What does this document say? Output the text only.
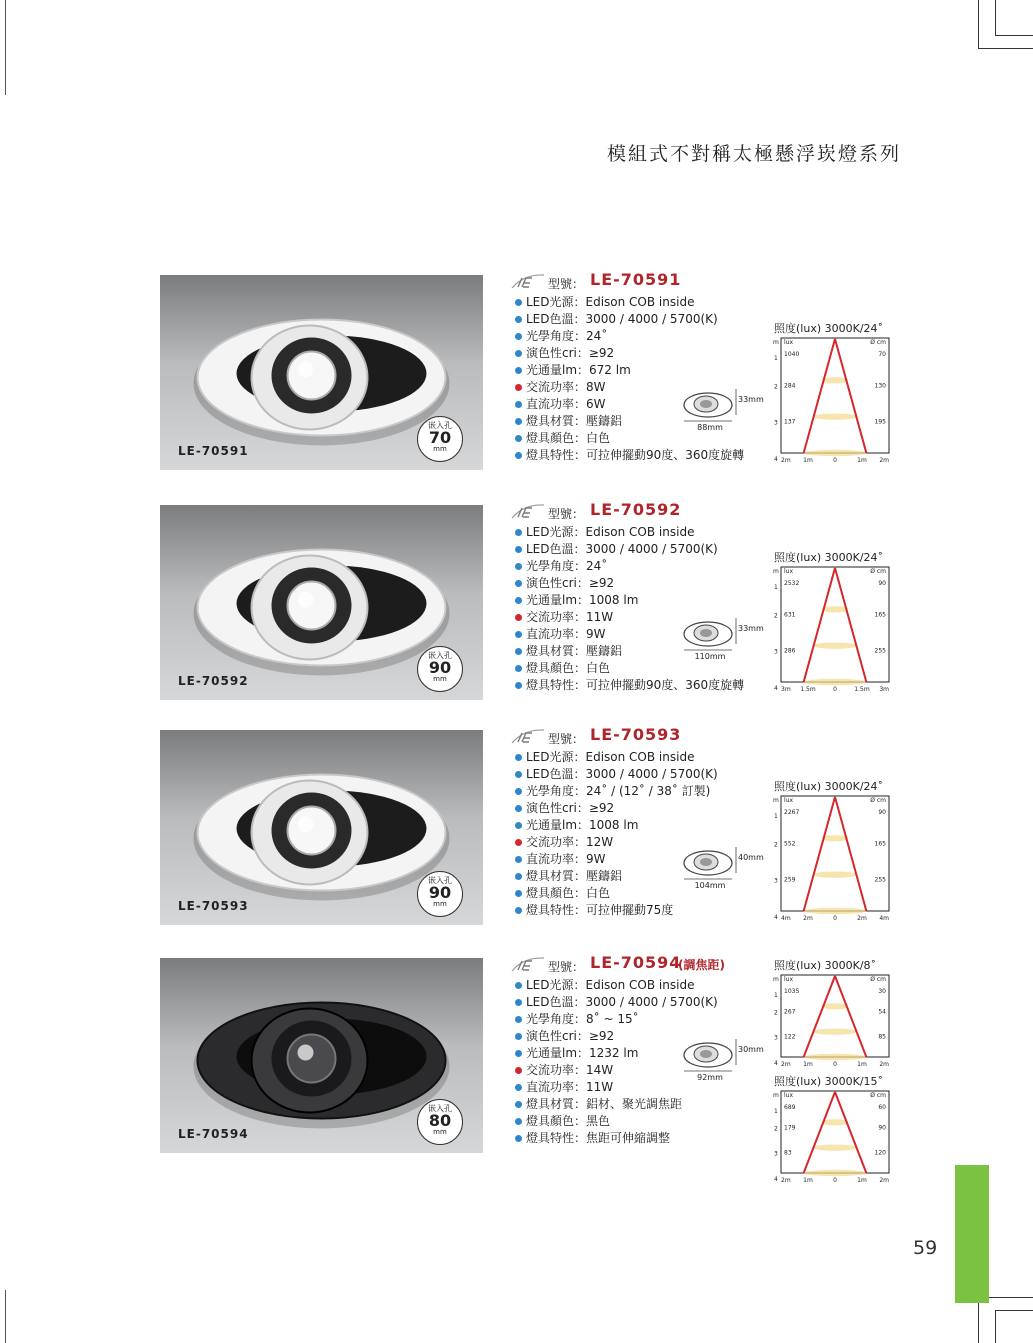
模組式不對稱太極懸浮崁燈系列
LE-70591
嵌入孔
70
mm
型號： LE-70591
LED光源：Edison COB inside
LED色溫：3000 / 4000 / 5700(K)
光學角度：24˚
演色性cri：≥92
光通量lm：672 lm
交流功率：8W
直流功率：6W
燈具材質：壓鑄鋁
燈具顏色：白色
燈具特性：可拉伸擺動90度、360度旋轉
88mm
33mm
照度(lux) 3000K/24˚
m lux	Ø cm
1
2
3
4
1040
284
137
70
130
195
2m 1m	0	1m 2m
LE-70592
嵌入孔
90
mm
型號： LE-70592
LED光源：Edison COB inside
LED色溫：3000 / 4000 / 5700(K)
光學角度：24˚
演色性cri：≥92
光通量lm：1008 lm
交流功率：11W
直流功率：9W
燈具材質：壓鑄鋁
燈具顏色：白色
燈具特性：可拉伸擺動90度、360度旋轉
110mm
33mm
照度(lux) 3000K/24˚
m lux	Ø cm
1
2
3
4
2532
631
286
90
165
255
3m 1.5m	0	1.5m 3m
LE-70593
嵌入孔
90
mm
型號： LE-70593
LED光源：Edison COB inside
LED色溫：3000 / 4000 / 5700(K)
光學角度：24˚ / (12˚ / 38˚ 訂製)
演色性cri：≥92
光通量lm：1008 lm
交流功率：12W
直流功率：9W
燈具材質：壓鑄鋁
燈具顏色：白色
燈具特性：可拉伸擺動75度
104mm
40mm
照度(lux) 3000K/24˚
m lux	Ø cm
1
2
3
4
2267
552
259
90
165
255
4m 2m	0	2m 4m
LE-70594
嵌入孔
80
mm
型號： LE-70594
(調焦距)
LED光源：Edison COB inside
LED色溫：3000 / 4000 / 5700(K)
光學角度：8˚ ~ 15˚
演色性cri：≥92
光通量lm：1232 lm
交流功率：14W
直流功率：11W
燈具材質：鋁材、聚光調焦距
燈具顏色：黑色
燈具特性：焦距可伸縮調整
92mm
30mm
照度(lux) 3000K/8˚
m lux	Ø cm
1
2
3
4
1035
267
122
30
54
85
2m 1m	0	1m 2m
照度(lux) 3000K/15˚
m lux	Ø cm
1
2
3
4
689
179
83
60
90
120
2m 1m	0	1m 2m
59
